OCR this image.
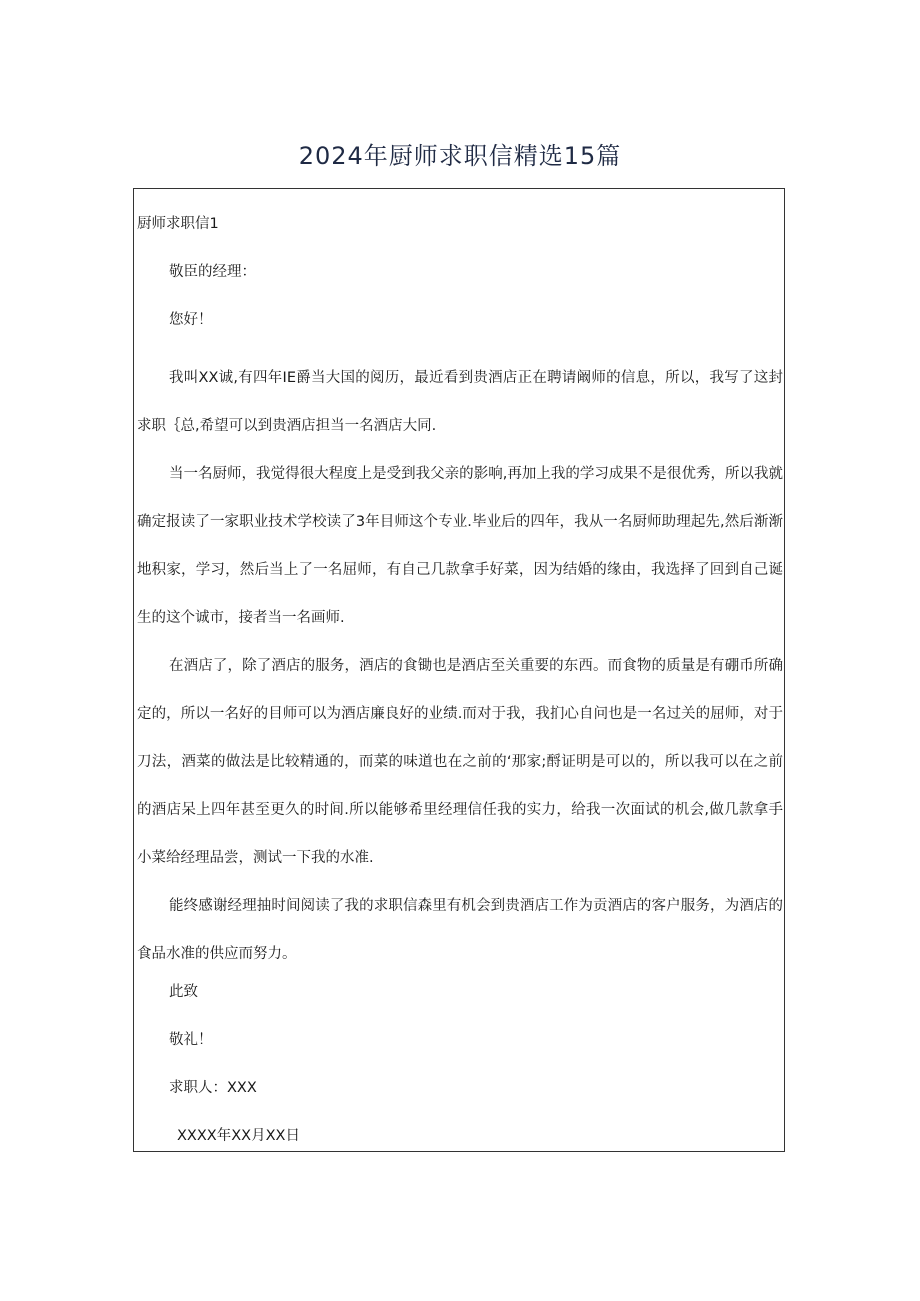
2024年厨师求职信精选15篇
厨师求职信1
敬臣的经理：
您好！

我叫XX诚,有四年IE爵当大国的阅历，最近看到贵酒店正在聘请阚师的信息，所以，我写了这封求职｛总,希望可以到贵酒店担当一名酒店大同.

当一名厨师，我觉得很大程度上是受到我父亲的影响,再加上我的学习成果不是很优秀，所以我就确定报读了一家职业技术学校读了3年目师这个专业.毕业后的四年，我从一名厨师助理起先,然后渐渐地积家，学习，然后当上了一名屈师，有自己几款拿手好菜，因为结婚的缘由，我选择了回到自己诞生的这个诚市，接者当一名画师.

在酒店了，除了酒店的服务，酒店的食锄也是酒店至关重要的东西。而食物的质量是有硼币所确定的，所以一名好的目师可以为酒店廉良好的业绩.而对于我，我扪心自问也是一名过关的屈师，对于刀法，酒菜的做法是比较精通的，而菜的味道也在之前的‘那家;酹证明是可以的，所以我可以在之前的酒店呆上四年甚至更久的时间.所以能够希里经理信任我的实力，给我一次面试的机会,做几款拿手小菜给经理品尝，测试一下我的水准.

能终感谢经理抽时间阅读了我的求职信森里有机会到贵酒店工作为贡酒店的客户服务，为酒店的食品水准的供应而努力。

此致
敬礼！
求职人：XXX
XXXX年XX月XX日
